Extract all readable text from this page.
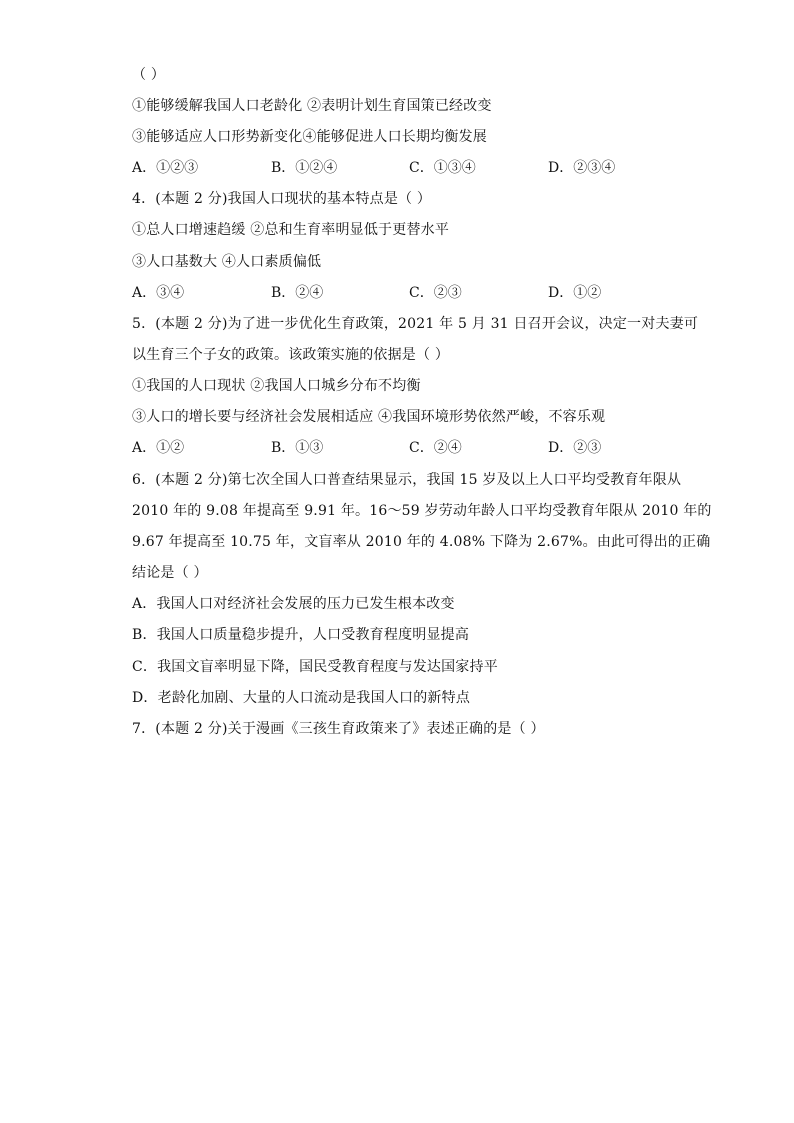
（ ）
①能够缓解我国人口老龄化 ②表明计划生育国策已经改变
③能够适应人口形势新变化④能够促进人口长期均衡发展
A．①②③	B．①②④	C．①③④	D．②③④
4．(本题 2 分)我国人口现状的基本特点是（ ）
①总人口增速趋缓 ②总和生育率明显低于更替水平
③人口基数大 ④人口素质偏低
A．③④	B．②④	C．②③	D．①②
5．(本题 2 分)为了进一步优化生育政策，2021 年 5 月 31 日召开会议，决定一对夫妻可
以生育三个子女的政策。该政策实施的依据是（ ）
①我国的人口现状 ②我国人口城乡分布不均衡
③人口的增长要与经济社会发展相适应 ④我国环境形势依然严峻，不容乐观
A．①②	B．①③	C．②④	D．②③
6．(本题 2 分)第七次全国人口普查结果显示，我国 15 岁及以上人口平均受教育年限从
2010 年的 9.08 年提高至 9.91 年。16～59 岁劳动年龄人口平均受教育年限从 2010 年的
9.67 年提高至 10.75 年，文盲率从 2010 年的 4.08% 下降为 2.67%。由此可得出的正确
结论是（ ）
A．我国人口对经济社会发展的压力已发生根本改变
B．我国人口质量稳步提升，人口受教育程度明显提高
C．我国文盲率明显下降，国民受教育程度与发达国家持平
D．老龄化加剧、大量的人口流动是我国人口的新特点
7．(本题 2 分)关于漫画《三孩生育政策来了》表述正确的是（ ）
